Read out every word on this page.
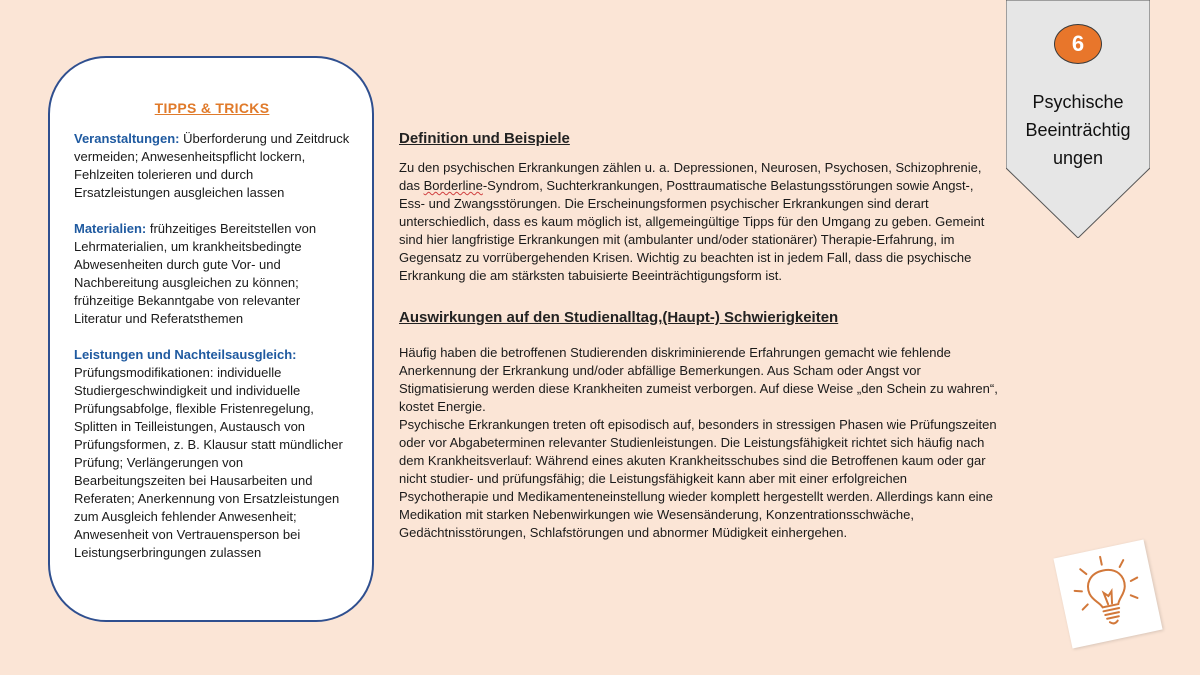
TIPPS & TRICKS

Veranstaltungen: Überforderung und Zeitdruck vermeiden; Anwesenheitspflicht lockern, Fehlzeiten tolerieren und durch Ersatzleistungen ausgleichen lassen

Materialien: frühzeitiges Bereitstellen von Lehrmaterialien, um krankheitsbedingte Abwesenheiten durch gute Vor- und Nachbereitung ausgleichen zu können; frühzeitige Bekanntgabe von relevanter Literatur und Referatsthemen

Leistungen und Nachteilsausgleich: Prüfungsmodifikationen: individuelle Studiergeschwindigkeit und individuelle Prüfungsabfolge, flexible Fristenregelung, Splitten in Teilleistungen, Austausch von Prüfungsformen, z. B. Klausur statt mündlicher Prüfung; Verlängerungen von Bearbeitungszeiten bei Hausarbeiten und Referaten; Anerkennung von Ersatzleistungen zum Ausgleich fehlender Anwesenheit; Anwesenheit von Vertrauensperson bei Leistungserbringungen zulassen

Definition und Beispiele

Zu den psychischen Erkrankungen zählen u. a. Depressionen, Neurosen, Psychosen, Schizophrenie, das Borderline-Syndrom, Suchterkrankungen, Posttraumatische Belastungsstörungen sowie Angst-, Ess- und Zwangsstörungen. Die Erscheinungsformen psychischer Erkrankungen sind derart unterschiedlich, dass es kaum möglich ist, allgemeingültige Tipps für den Umgang zu geben. Gemeint sind hier langfristige Erkrankungen mit (ambulanter und/oder stationärer) Therapie-Erfahrung, im Gegensatz zu vorrübergehenden Krisen. Wichtig zu beachten ist in jedem Fall, dass die psychische Erkrankung die am stärksten tabuisierte Beeinträchtigungsform ist.

Auswirkungen auf den Studienalltag,(Haupt-) Schwierigkeiten

Häufig haben die betroffenen Studierenden diskriminierende Erfahrungen gemacht wie fehlende Anerkennung der Erkrankung und/oder abfällige Bemerkungen. Aus Scham oder Angst vor Stigmatisierung werden diese Krankheiten zumeist verborgen. Auf diese Weise „den Schein zu wahren“, kostet Energie.

Psychische Erkrankungen treten oft episodisch auf, besonders in stressigen Phasen wie Prüfungszeiten oder vor Abgabeterminen relevanter Studienleistungen. Die Leistungsfähigkeit richtet sich häufig nach dem Krankheitsverlauf: Während eines akuten Krankheitsschubes sind die Betroffenen kaum oder gar nicht studier- und prüfungsfähig; die Leistungsfähigkeit kann aber mit einer erfolgreichen Psychotherapie und Medikamenteneinstellung wieder komplett hergestellt werden. Allerdings kann eine Medikation mit starken Nebenwirkungen wie Wesensänderung, Konzentrationsschwäche, Gedächtnisstörungen, Schlafstörungen und abnormer Müdigkeit einhergehen.

6
Psychische
Beeinträchtig
ungen
